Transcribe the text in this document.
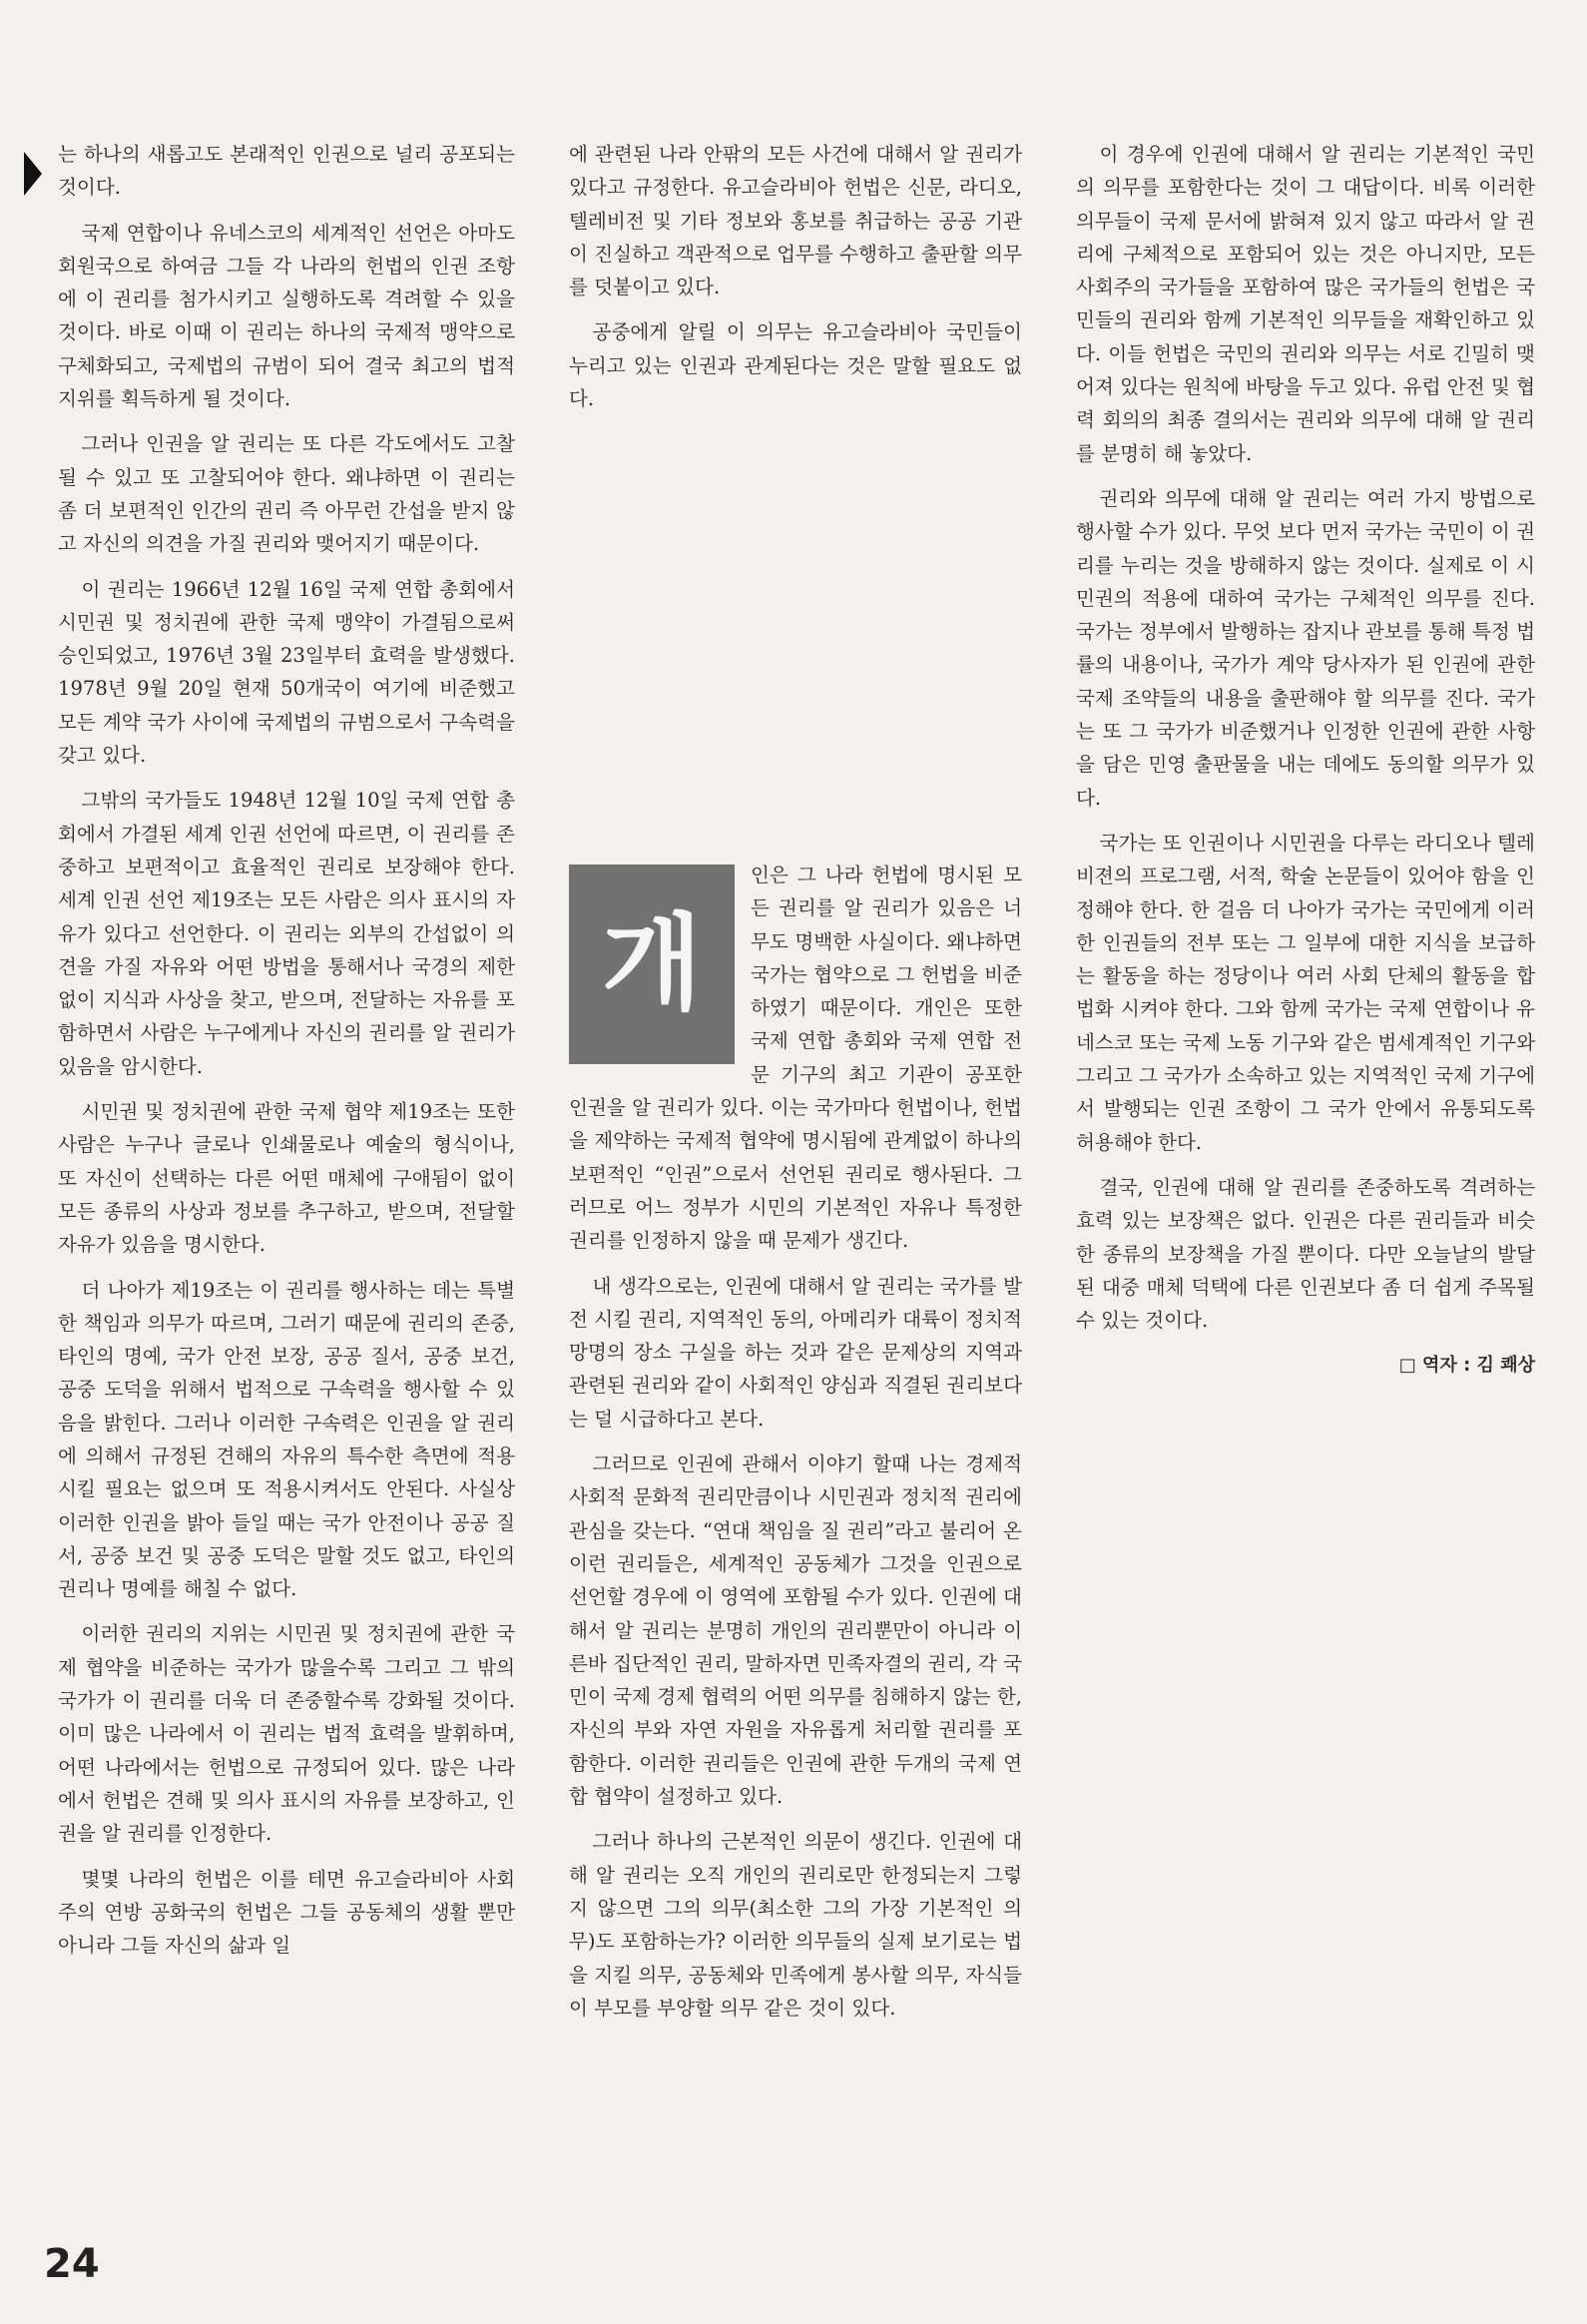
는 하나의 새롭고도 본래적인 인권으로 널리 공포되는 것이다.

국제 연합이나 유네스코의 세계적인 선언은 아마도 회원국으로 하여금 그들 각 나라의 헌법의 인권 조항에 이 권리를 첨가시키고 실행하도록 격려할 수 있을 것이다. 바로 이때 이 권리는 하나의 국제적 맹약으로 구체화되고, 국제법의 규범이 되어 결국 최고의 법적 지위를 획득하게 될 것이다.

그러나 인권을 알 권리는 또 다른 각도에서도 고찰될 수 있고 또 고찰되어야 한다. 왜냐하면 이 권리는 좀 더 보편적인 인간의 권리 즉 아무런 간섭을 받지 않고 자신의 의견을 가질 권리와 맺어지기 때문이다.

이 권리는 1966년 12월 16일 국제 연합 총회에서 시민권 및 정치권에 관한 국제 맹약이 가결됨으로써 승인되었고, 1976년 3월 23일부터 효력을 발생했다. 1978년 9월 20일 현재 50개국이 여기에 비준했고 모든 계약 국가 사이에 국제법의 규범으로서 구속력을 갖고 있다.

그밖의 국가들도 1948년 12월 10일 국제 연합 총회에서 가결된 세계 인권 선언에 따르면, 이 권리를 존중하고 보편적이고 효율적인 권리로 보장해야 한다. 세계 인권 선언 제19조는 모든 사람은 의사 표시의 자유가 있다고 선언한다. 이 권리는 외부의 간섭없이 의견을 가질 자유와 어떤 방법을 통해서나 국경의 제한없이 지식과 사상을 찾고, 받으며, 전달하는 자유를 포함하면서 사람은 누구에게나 자신의 권리를 알 권리가 있음을 암시한다.

시민권 및 정치권에 관한 국제 협약 제19조는 또한 사람은 누구나 글로나 인쇄물로나 예술의 형식이나, 또 자신이 선택하는 다른 어떤 매체에 구애됨이 없이 모든 종류의 사상과 정보를 추구하고, 받으며, 전달할 자유가 있음을 명시한다.

더 나아가 제19조는 이 권리를 행사하는 데는 특별한 책임과 의무가 따르며, 그러기 때문에 권리의 존중, 타인의 명예, 국가 안전 보장, 공공 질서, 공중 보건, 공중 도덕을 위해서 법적으로 구속력을 행사할 수 있음을 밝힌다. 그러나 이러한 구속력은 인권을 알 권리에 의해서 규정된 견해의 자유의 특수한 측면에 적용시킬 필요는 없으며 또 적용시켜서도 안된다. 사실상 이러한 인권을 밝아 들일 때는 국가 안전이나 공공 질서, 공중 보건 및 공중 도덕은 말할 것도 없고, 타인의 권리나 명예를 해칠 수 없다.

이러한 권리의 지위는 시민권 및 정치권에 관한 국제 협약을 비준하는 국가가 많을수록 그리고 그 밖의 국가가 이 권리를 더욱 더 존중할수록 강화될 것이다. 이미 많은 나라에서 이 권리는 법적 효력을 발휘하며, 어떤 나라에서는 헌법으로 규정되어 있다. 많은 나라에서 헌법은 견해 및 의사 표시의 자유를 보장하고, 인권을 알 권리를 인정한다.

몇몇 나라의 헌법은 이를 테면 유고슬라비아 사회주의 연방 공화국의 헌법은 그들 공동체의 생활 뿐만 아니라 그들 자신의 삶과 일

에 관련된 나라 안팎의 모든 사건에 대해서 알 권리가 있다고 규정한다. 유고슬라비아 헌법은 신문, 라디오, 텔레비전 및 기타 정보와 홍보를 취급하는 공공 기관이 진실하고 객관적으로 업무를 수행하고 출판할 의무를 덧붙이고 있다.

공중에게 알릴 이 의무는 유고슬라비아 국민들이 누리고 있는 인권과 관계된다는 것은 말할 필요도 없다.

개

인은 그 나라 헌법에 명시된 모든 권리를 알 권리가 있음은 너무도 명백한 사실이다. 왜냐하면 국가는 협약으로 그 헌법을 비준하였기 때문이다. 개인은 또한 국제 연합 총회와 국제 연합 전문 기구의 최고 기관이 공포한 인권을 알 권리가 있다. 이는 국가마다 헌법이나, 헌법을 제약하는 국제적 협약에 명시됨에 관계없이 하나의 보편적인 “인권”으로서 선언된 권리로 행사된다. 그러므로 어느 정부가 시민의 기본적인 자유나 특정한 권리를 인정하지 않을 때 문제가 생긴다.

내 생각으로는, 인권에 대해서 알 권리는 국가를 발전 시킬 권리, 지역적인 동의, 아메리카 대륙이 정치적 망명의 장소 구실을 하는 것과 같은 문제상의 지역과 관련된 권리와 같이 사회적인 양심과 직결된 권리보다는 덜 시급하다고 본다.

그러므로 인권에 관해서 이야기 할때 나는 경제적 사회적 문화적 권리만큼이나 시민권과 정치적 권리에 관심을 갖는다. “연대 책임을 질 권리”라고 불리어 온 이런 권리들은, 세계적인 공동체가 그것을 인권으로 선언할 경우에 이 영역에 포함될 수가 있다. 인권에 대해서 알 권리는 분명히 개인의 권리뿐만이 아니라 이른바 집단적인 권리, 말하자면 민족자결의 권리, 각 국민이 국제 경제 협력의 어떤 의무를 침해하지 않는 한, 자신의 부와 자연 자원을 자유롭게 처리할 권리를 포함한다. 이러한 권리들은 인권에 관한 두개의 국제 연합 협약이 설정하고 있다.

그러나 하나의 근본적인 의문이 생긴다. 인권에 대해 알 권리는 오직 개인의 권리로만 한정되는지 그렇지 않으면 그의 의무(최소한 그의 가장 기본적인 의무)도 포함하는가? 이러한 의무들의 실제 보기로는 법을 지킬 의무, 공동체와 민족에게 봉사할 의무, 자식들이 부모를 부양할 의무 같은 것이 있다.

이 경우에 인권에 대해서 알 권리는 기본적인 국민의 의무를 포함한다는 것이 그 대답이다. 비록 이러한 의무들이 국제 문서에 밝혀져 있지 않고 따라서 알 권리에 구체적으로 포함되어 있는 것은 아니지만, 모든 사회주의 국가들을 포함하여 많은 국가들의 헌법은 국민들의 권리와 함께 기본적인 의무들을 재확인하고 있다. 이들 헌법은 국민의 권리와 의무는 서로 긴밀히 맺어져 있다는 원칙에 바탕을 두고 있다. 유럽 안전 및 협력 회의의 최종 결의서는 권리와 의무에 대해 알 권리를 분명히 해 놓았다.

권리와 의무에 대해 알 권리는 여러 가지 방법으로 행사할 수가 있다. 무엇 보다 먼저 국가는 국민이 이 권리를 누리는 것을 방해하지 않는 것이다. 실제로 이 시민권의 적용에 대하여 국가는 구체적인 의무를 진다. 국가는 정부에서 발행하는 잡지나 관보를 통해 특정 법률의 내용이나, 국가가 계약 당사자가 된 인권에 관한 국제 조약들의 내용을 출판해야 할 의무를 진다. 국가는 또 그 국가가 비준했거나 인정한 인권에 관한 사항을 담은 민영 출판물을 내는 데에도 동의할 의무가 있다.

국가는 또 인권이나 시민권을 다루는 라디오나 텔레비젼의 프로그램, 서적, 학술 논문들이 있어야 함을 인정해야 한다. 한 걸음 더 나아가 국가는 국민에게 이러한 인권들의 전부 또는 그 일부에 대한 지식을 보급하는 활동을 하는 정당이나 여러 사회 단체의 활동을 합법화 시켜야 한다. 그와 함께 국가는 국제 연합이나 유네스코 또는 국제 노동 기구와 같은 범세계적인 기구와 그리고 그 국가가 소속하고 있는 지역적인 국제 기구에서 발행되는 인권 조항이 그 국가 안에서 유통되도록 허용해야 한다.

결국, 인권에 대해 알 권리를 존중하도록 격려하는 효력 있는 보장책은 없다. 인권은 다른 권리들과 비슷한 종류의 보장책을 가질 뿐이다. 다만 오늘날의 발달된 대중 매체 덕택에 다른 인권보다 좀 더 쉽게 주목될 수 있는 것이다.

□ 역자 : 김 쾌상
24
